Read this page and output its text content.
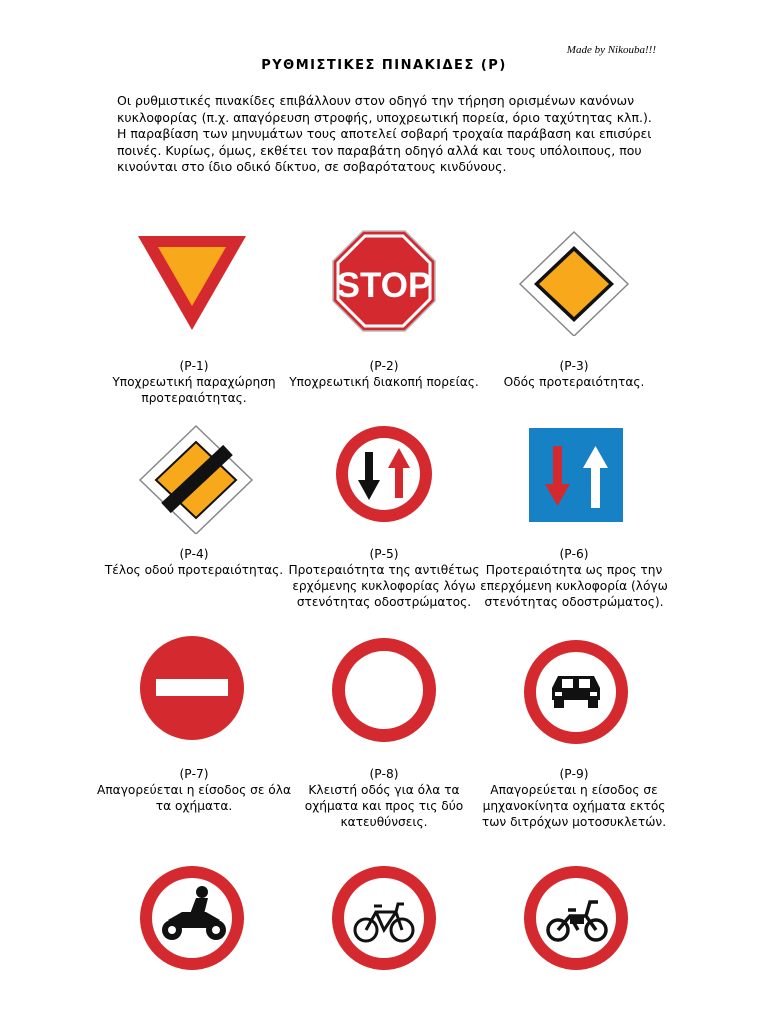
Made by Nikouba!!!
ΡΥΘΜΙΣΤΙΚΕΣ ΠΙΝΑΚΙΔΕΣ (Ρ)

Οι ρυθμιστικές πινακίδες επιβάλλουν στον οδηγό την τήρηση ορισμένων κανόνων κυκλοφορίας (π.χ. απαγόρευση στροφής, υποχρεωτική πορεία, όριο ταχύτητας κλπ.). Η παραβίαση των μηνυμάτων τους αποτελεί σοβαρή τροχαία παράβαση και επισύρει ποινές. Κυρίως, όμως, εκθέτει τον παραβάτη οδηγό αλλά και τους υπόλοιπους, που κινούνται στο ίδιο οδικό δίκτυο, σε σοβαρότατους κινδύνους.

(Ρ-1)
Υποχρεωτική παραχώρηση προτεραιότητας.
STOP
(Ρ-2)
Υποχρεωτική διακοπή πορείας.
(Ρ-3)
Οδός προτεραιότητας.
(Ρ-4)
Τέλος οδού προτεραιότητας.
(Ρ-5)
Προτεραιότητα της αντιθέτως ερχόμενης κυκλοφορίας λόγω στενότητας οδοστρώματος.
(Ρ-6)
Προτεραιότητα ως προς την επερχόμενη κυκλοφορία (λόγω στενότητας οδοστρώματος).
(Ρ-7)
Απαγορεύεται η είσοδος σε όλα τα οχήματα.
(Ρ-8)
Κλειστή οδός για όλα τα οχήματα και προς τις δύο κατευθύνσεις.
(Ρ-9)
Απαγορεύεται η είσοδος σε μηχανοκίνητα οχήματα εκτός των διτρόχων μοτοσυκλετών.
